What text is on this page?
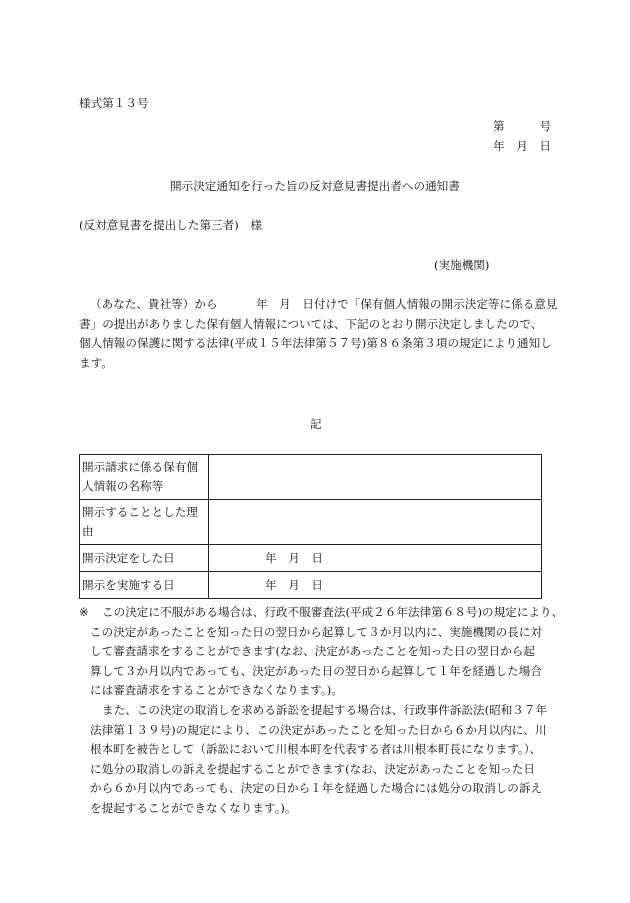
様式第１３号
第　　　号
年　月　日
開示決定通知を行った旨の反対意見書提出者への通知書
(反対意見書を提出した第三者)　様
(実施機関)
（あなた、貴社等）から　　　 年　月　日付けで「保有個人情報の開示決定等に係る意見
書」の提出がありました保有個人情報については、下記のとおり開示決定しましたので、
個人情報の保護に関する法律(平成１５年法律第５７号)第８６条第３項の規定により通知し
ます。
記
開示請求に係る保有個
人情報の名称等	

開示することとした理
由	

開示決定をした日	年　月　日

開示を実施する日	年　月　日
※	この決定に不服がある場合は、行政不服審査法(平成２６年法律第６８号)の規定により、
この決定があったことを知った日の翌日から起算して３か月以内に、実施機関の長に対
して審査請求をすることができます(なお、決定があったことを知った日の翌日から起
算して３か月以内であっても、決定があった日の翌日から起算して１年を経過した場合
には審査請求をすることができなくなります。)。
また、この決定の取消しを求める訴訟を提起する場合は、行政事件訴訟法(昭和３７年
法律第１３９号)の規定により、この決定があったことを知った日から６か月以内に、川
根本町を被告として（訴訟において川根本町を代表する者は川根本町長になります。）、
に処分の取消しの訴えを提起することができます(なお、決定があったことを知った日
から６か月以内であっても、決定の日から１年を経過した場合には処分の取消しの訴え
を提起することができなくなります。)。
